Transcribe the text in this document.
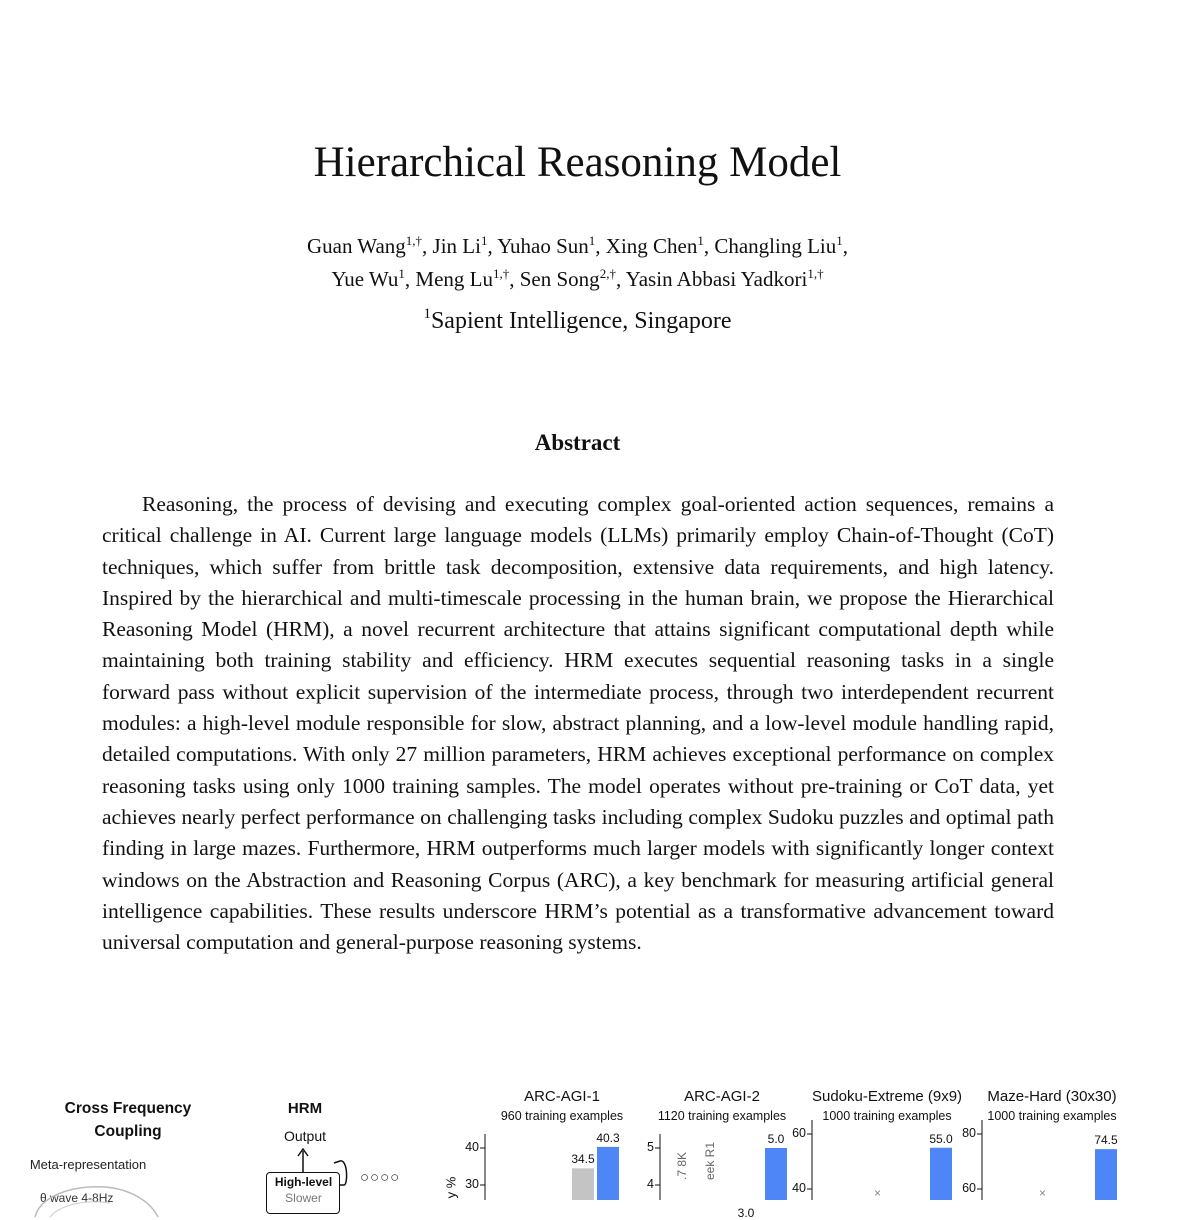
Hierarchical Reasoning Model
Guan Wang$^{1,\dagger}$, Jin Li$^1$, Yuhao Sun$^1$, Xing Chen$^1$, Changling Liu$^1$,
Yue Wu$^1$, Meng $Lu^{1,\dagger}$, Sen Song$^{2,\dagger}$, Yasin Abbasi Yadkori$^{1,\dagger}$
$^1$Sapient Intelligence, Singapore
Abstract

Reasoning, the process of devising and executing complex goal-oriented action sequences, remains a critical challenge in AI. Current large language models (LLMs) primarily employ Chain-of-Thought (CoT) techniques, which suffer from brittle task decomposition, extensive data requirements, and high latency. Inspired by the hierarchical and multi-timescale processing in the human brain, we propose the Hierarchical Reasoning Model (HRM), a novel recurrent architecture that attains significant computational depth while maintaining both training stability and efficiency. HRM executes sequential reasoning tasks in a single forward pass without explicit supervision of the intermediate process, through two interdependent recurrent modules: a high-level module responsible for slow, abstract planning, and a low-level module handling rapid, detailed computations. With only 27 million parameters, HRM achieves exceptional performance on complex reasoning tasks using only 1000 training samples. The model operates without pre-training or CoT data, yet achieves nearly perfect performance on challenging tasks including complex Sudoku puzzles and optimal path finding in large mazes. Furthermore, HRM outperforms much larger models with significantly longer context windows on the Abstraction and Reasoning Corpus (ARC), a key benchmark for measuring artificial general intelligence capabilities. These results underscore HRM’s potential as a transformative advancement toward universal computation and general-purpose reasoning systems.

Cross Frequency Coupling
Meta-representation
θ wave 4-8Hz
HRM
Output
High-level
Slower
○○○○
ARC-AGI-1
960 training examples
30
40
34.5
40.3
y %
ARC-AGI-2
1120 training examples
4
5
3.0
5.0
.7 8K eek R1
Sudoku-Extreme (9x9)
1000 training examples
40
60
×
55.0
Maze-Hard (30x30)
1000 training examples
60
80
×
74.5
